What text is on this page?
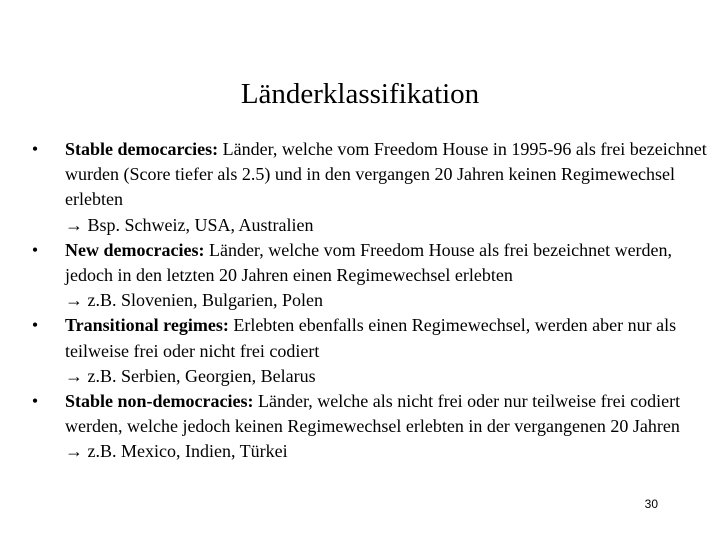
Länderklassifikation
• Stable democarcies: Länder, welche vom Freedom House in 1995-96 als frei bezeichnet wurden (Score tiefer als 2.5) und in den vergangen 20 Jahren keinen Regimewechsel erlebten
→ Bsp. Schweiz, USA, Australien
• New democracies: Länder, welche vom Freedom House als frei bezeichnet werden, jedoch in den letzten 20 Jahren einen Regimewechsel erlebten
→ z.B. Slovenien, Bulgarien, Polen
• Transitional regimes: Erlebten ebenfalls einen Regimewechsel, werden aber nur als teilweise frei oder nicht frei codiert
→ z.B. Serbien, Georgien, Belarus
• Stable non-democracies: Länder, welche als nicht frei oder nur teilweise frei codiert werden, welche jedoch keinen Regimewechsel erlebten in der vergangenen 20 Jahren
→ z.B. Mexico, Indien, Türkei
30
